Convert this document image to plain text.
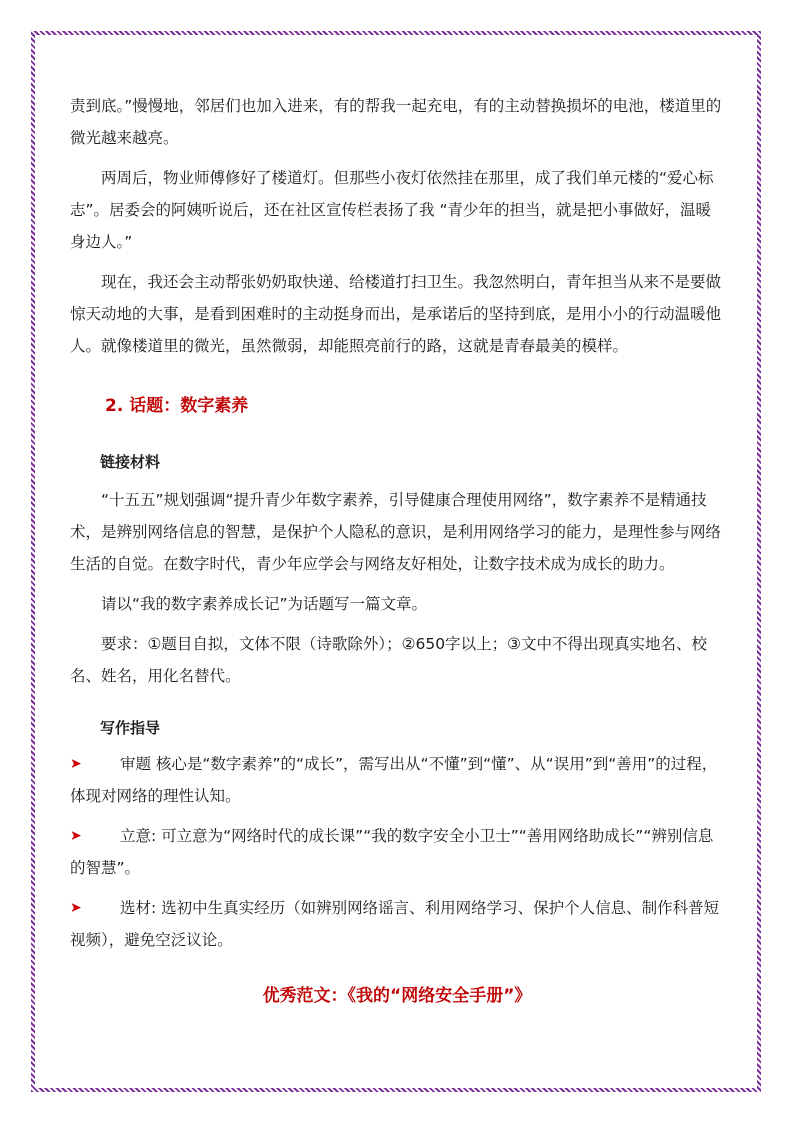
责到底。”慢慢地，邻居们也加入进来，有的帮我一起充电，有的主动替换损坏的电池，楼道里的微光越来越亮。

两周后，物业师傅修好了楼道灯。但那些小夜灯依然挂在那里，成了我们单元楼的“爱心标志”。居委会的阿姨听说后，还在社区宣传栏表扬了我 “青少年的担当，就是把小事做好，温暖身边人。”

现在，我还会主动帮张奶奶取快递、给楼道打扫卫生。我忽然明白，青年担当从来不是要做惊天动地的大事，是看到困难时的主动挺身而出，是承诺后的坚持到底，是用小小的行动温暖他人。就像楼道里的微光，虽然微弱，却能照亮前行的路，这就是青春最美的模样。

2. 话题：数字素养

链接材料

“十五五”规划强调“提升青少年数字素养，引导健康合理使用网络”，数字素养不是精通技术，是辨别网络信息的智慧，是保护个人隐私的意识，是利用网络学习的能力，是理性参与网络生活的自觉。在数字时代，青少年应学会与网络友好相处，让数字技术成为成长的助力。

请以“我的数字素养成长记”为话题写一篇文章。

要求：①题目自拟，文体不限（诗歌除外）；②650字以上；③文中不得出现真实地名、校名、姓名，用化名替代。

写作指导

➤ 审题 核心是“数字素养”的“成长”，需写出从“不懂”到“懂”、从“误用”到“善用”的过程，体现对网络的理性认知。

➤ 立意: 可立意为“网络时代的成长课”“我的数字安全小卫士”“善用网络助成长”“辨别信息的智慧”。

➤ 选材: 选初中生真实经历（如辨别网络谣言、利用网络学习、保护个人信息、制作科普短视频），避免空泛议论。

优秀范文：《我的“网络安全手册”》
